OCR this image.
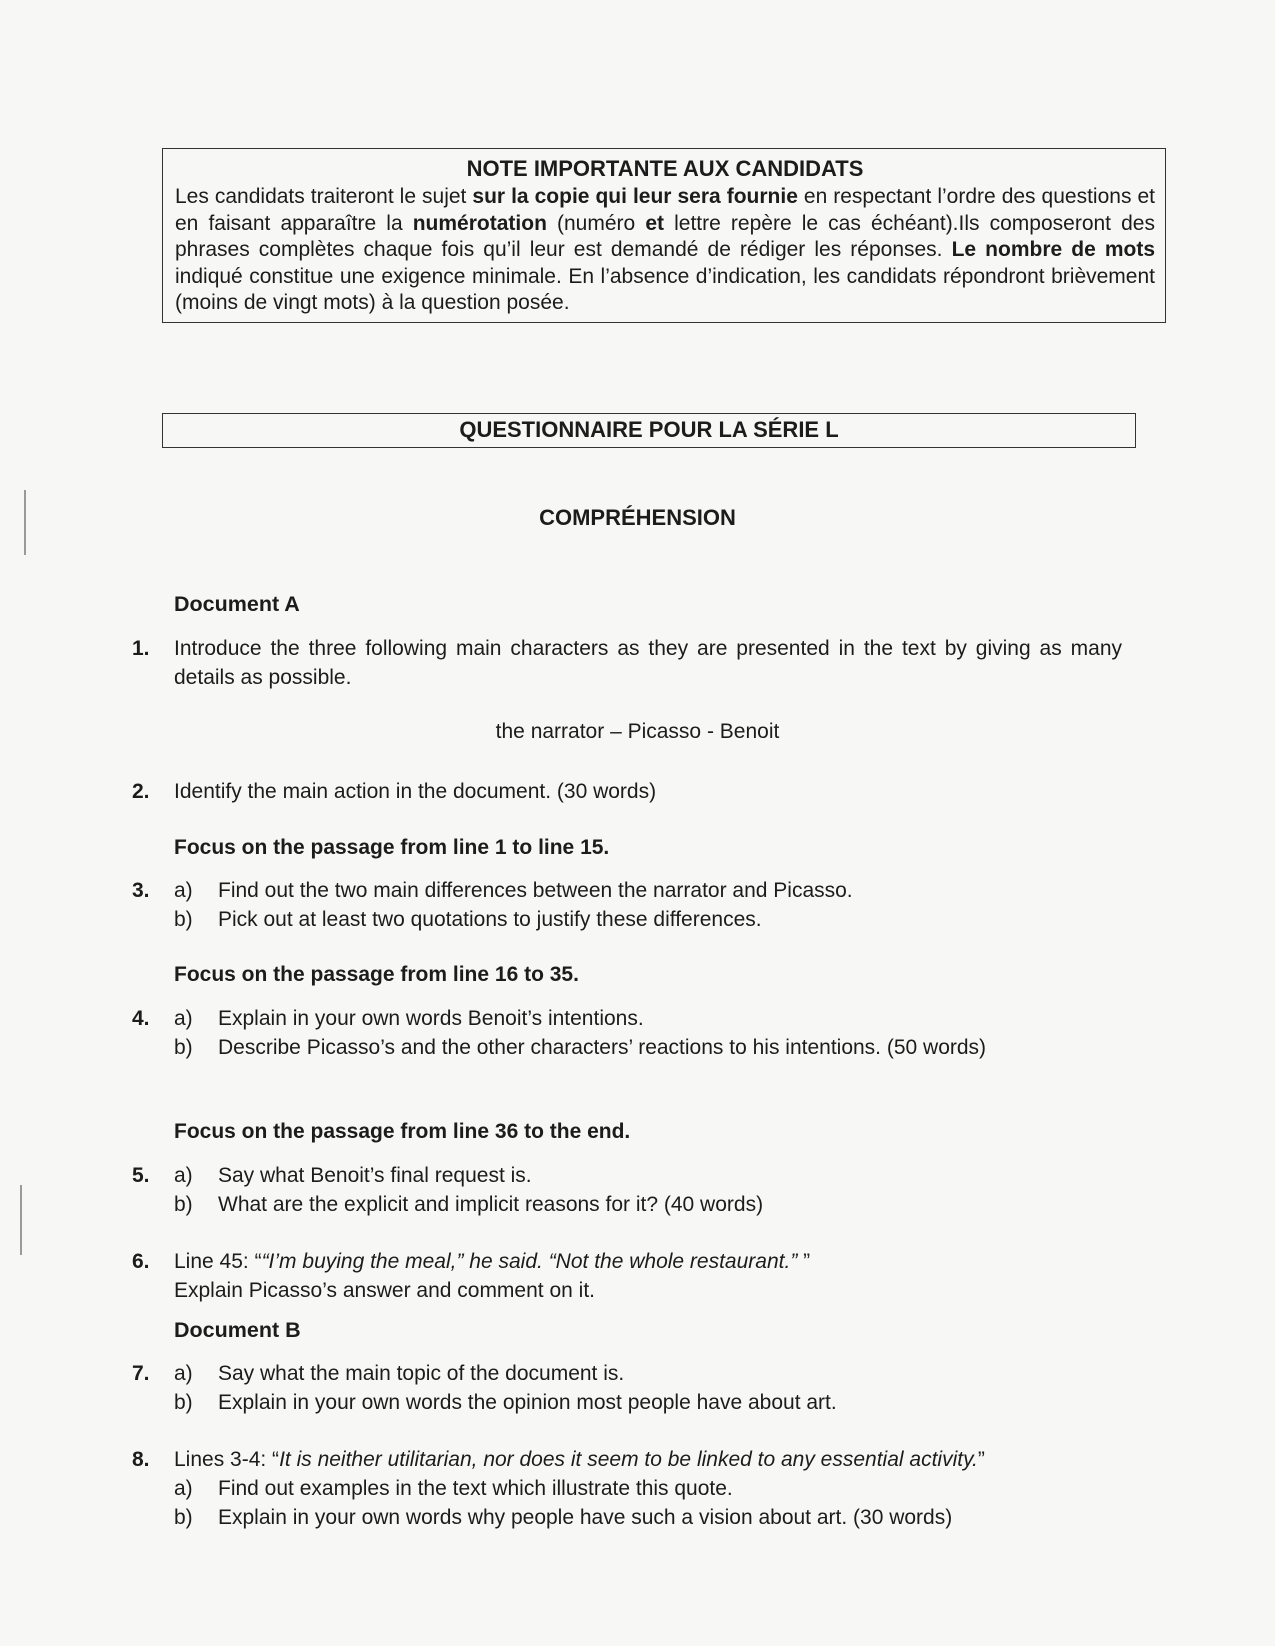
NOTE IMPORTANTE AUX CANDIDATS

Les candidats traiteront le sujet sur la copie qui leur sera fournie en respectant l’ordre des questions et en faisant apparaître la numérotation (numéro et lettre repère le cas échéant).Ils composeront des phrases complètes chaque fois qu’il leur est demandé de rédiger les réponses. Le nombre de mots indiqué constitue une exigence minimale. En l’absence d’indication, les candidats répondront brièvement (moins de vingt mots) à la question posée.

QUESTIONNAIRE POUR LA SÉRIE L
COMPRÉHENSION
Document A
1. Introduce the three following main characters as they are presented in the text by giving as many details as possible.
the narrator – Picasso - Benoit
2. Identify the main action in the document. (30 words)
Focus on the passage from line 1 to line 15.
3. a) Find out the two main differences between the narrator and Picasso.
b) Pick out at least two quotations to justify these differences.
Focus on the passage from line 16 to 35.
4. a) Explain in your own words Benoit’s intentions.
b) Describe Picasso’s and the other characters’ reactions to his intentions. (50 words)
Focus on the passage from line 36 to the end.
5. a) Say what Benoit’s final request is.
b) What are the explicit and implicit reasons for it? (40 words)
6. Line 45: ““I’m buying the meal,” he said. “Not the whole restaurant.” ”
Explain Picasso’s answer and comment on it.
Document B
7. a) Say what the main topic of the document is.
b) Explain in your own words the opinion most people have about art.
8. Lines 3-4: “It is neither utilitarian, nor does it seem to be linked to any essential activity.”
a) Find out examples in the text which illustrate this quote.
b) Explain in your own words why people have such a vision about art. (30 words)
